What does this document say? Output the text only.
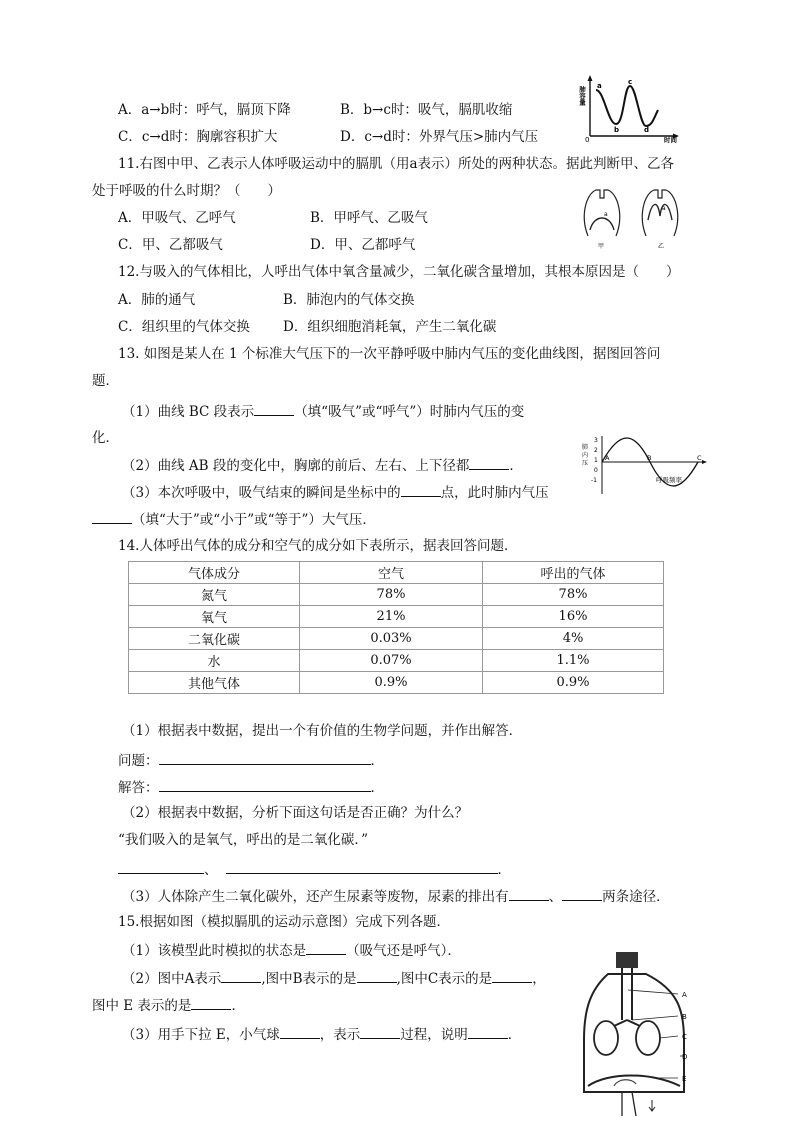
A．a→b时：呼气，膈顶下降	B．b→c时：吸气，膈肌收缩
C．c→d时：胸廓容积扩大	D．c→d时：外界气压>肺内气压
肺容量
时间
0
a
b
c
d
11.右图中甲、乙表示人体呼吸运动中的膈肌（用a表示）所处的两种状态。据此判断甲、乙各
处于呼吸的什么时期？（　　）
A．甲吸气、乙呼气	B．甲呼气、乙吸气
C．甲、乙都吸气	D．甲、乙都呼气
a
甲
a
乙
12.与吸入的气体相比，人呼出气体中氧含量减少，二氧化碳含量增加，其根本原因是（　　）
A．肺的通气	B．肺泡内的气体交换
C．组织里的气体交换 D．组织细胞消耗氧，产生二氧化碳
13. 如图是某人在 1 个标准大气压下的一次平静呼吸中肺内气压的变化曲线图，据图回答问
题．
（1）曲线 BC 段表示	（填“吸气”或“呼气”）时肺内气压的变
化．
（2）曲线 AB 段的变化中，胸廓的前后、左右、上下径都	．
（3）本次呼吸中，吸气结束的瞬间是坐标中的	点，此时肺内气压
（填“大于”或“小于”或“等于”）大气压．
肺
内
压
3
2
1
0
-1
A	B	C
呼吸频率
14.人体呼出气体的成分和空气的成分如下表所示，据表回答问题．
气体成分	空气	呼出的气体
氮气	78%	78%
氧气	21%	16%
二氧化碳	0.03%	4%
水	0.07%	1.1%
其他气体	0.9%	0.9%
（1）根据表中数据，提出一个有价值的生物学问题，并作出解答．
问题：	．
解答：	．
（2）根据表中数据，分析下面这句话是否正确？为什么？
“我们吸入的是氧气，呼出的是二氧化碳．”
、	．
（3）人体除产生二氧化碳外，还产生尿素等废物，尿素的排出有	、	两条途径．
15.根据如图（模拟膈肌的运动示意图）完成下列各题．
（1）该模型此时模拟的状态是	（吸气还是呼气）．
（2）图中A表示	,图中B表示的是	,图中C表示的是	，
图中 E 表示的是	．
（3）用手下拉 E，小气球	，表示	过程，说明	．
A
B
C
D
E
